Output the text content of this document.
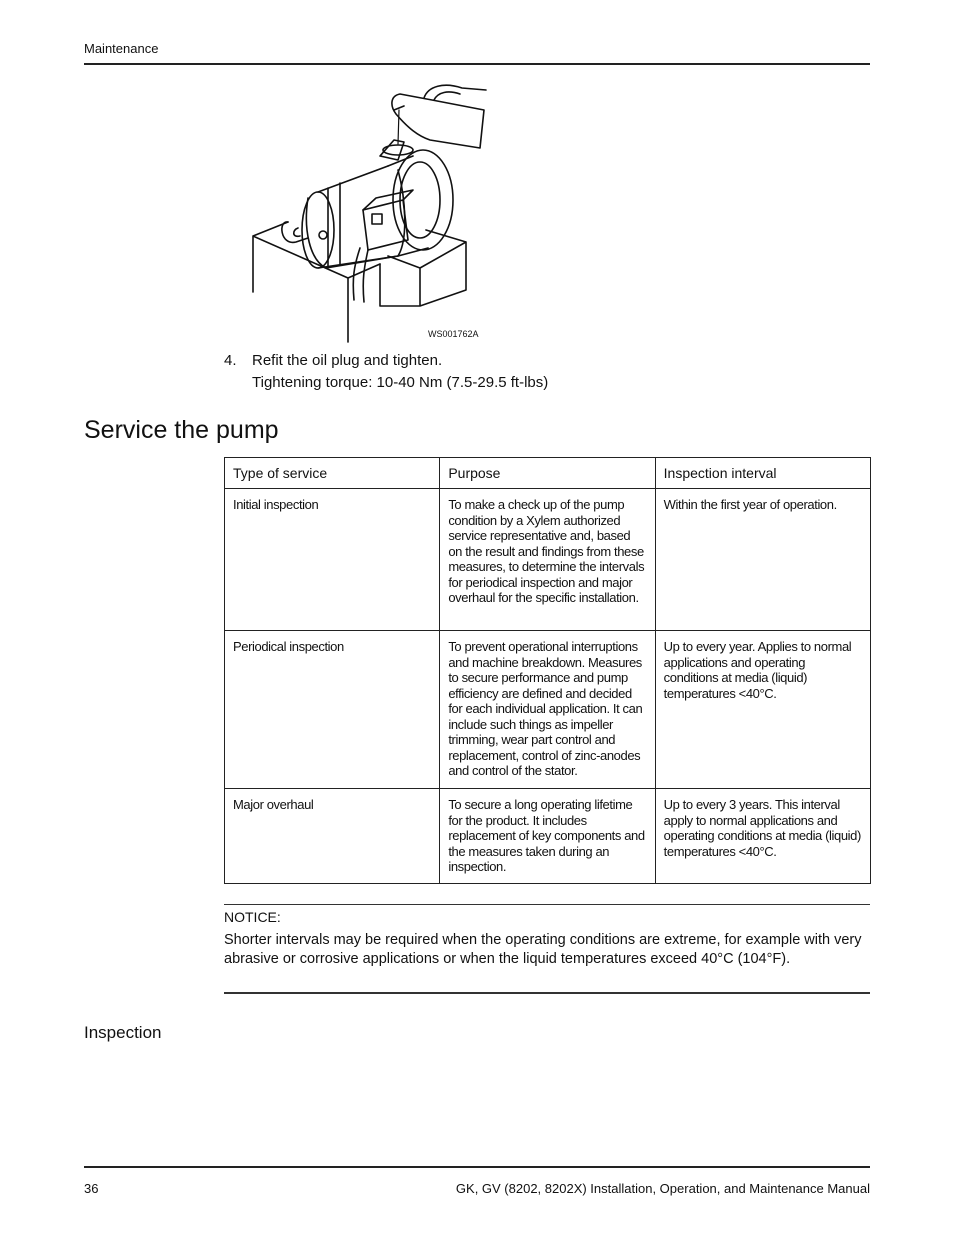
Maintenance
WS001762A
4. Refit the oil plug and tighten.
Tightening torque: 10-40 Nm (7.5-29.5 ft-lbs)
Service the pump
Type of service	Purpose	Inspection interval
Initial inspection	To make a check up of the pump condition by a Xylem authorized service representative and, based on the result and findings from these measures, to determine the intervals for periodical inspection and major overhaul for the specific installation.	Within the first year of operation.
Periodical inspection	To prevent operational interruptions and machine breakdown. Measures to secure performance and pump efficiency are defined and decided for each individual application. It can include such things as impeller trimming, wear part control and replacement, control of zinc-anodes and control of the stator.	Up to every year. Applies to normal applications and operating conditions at media (liquid) temperatures <40°C.
Major overhaul	To secure a long operating lifetime for the product. It includes replacement of key components and the measures taken during an inspection.	Up to every 3 years. This interval apply to normal applications and operating conditions at media (liquid) temperatures <40°C.
NOTICE:
Shorter intervals may be required when the operating conditions are extreme, for example with very abrasive or corrosive applications or when the liquid temperatures exceed 40°C (104°F).
Inspection
36	GK, GV (8202, 8202X) Installation, Operation, and Maintenance Manual
